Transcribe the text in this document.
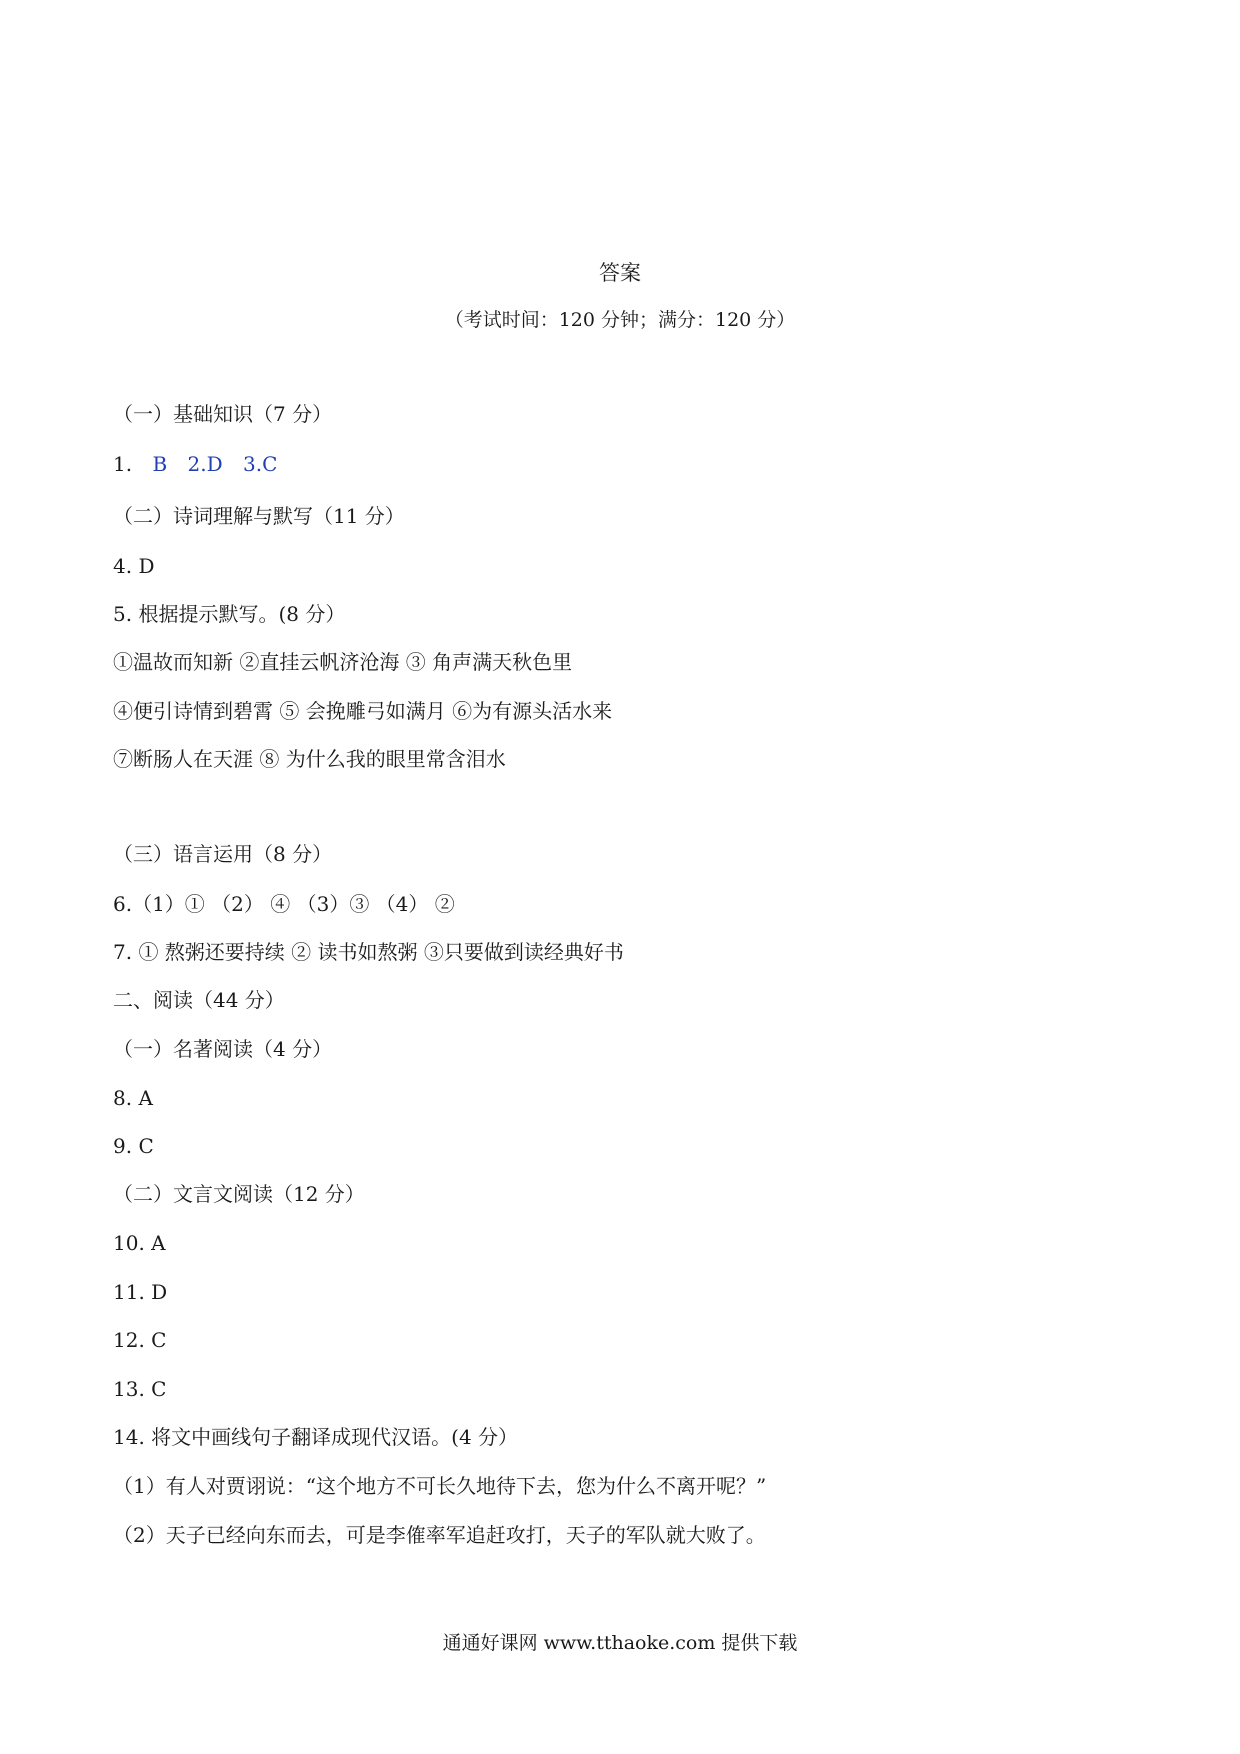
答案
（考试时间：120 分钟；满分：120 分）
（一）基础知识（7 分）
1. B 2.D 3.C
（二）诗词理解与默写（11 分）
4. D
5. 根据提示默写。(8 分）
①温故而知新 ②直挂云帆济沧海 ③ 角声满天秋色里
④便引诗情到碧霄 ⑤ 会挽雕弓如满月 ⑥为有源头活水来
⑦断肠人在天涯 ⑧ 为什么我的眼里常含泪水
（三）语言运用（8 分）
6.（1）① （2） ④ （3）③ （4） ②
7. ① 熬粥还要持续 ② 读书如熬粥 ③只要做到读经典好书
二、阅读（44 分）
（一）名著阅读（4 分）
8. A
9. C
（二）文言文阅读（12 分）
10. A
11. D
12. C
13. C
14. 将文中画线句子翻译成现代汉语。(4 分）
（1）有人对贾诩说：“这个地方不可长久地待下去，您为什么不离开呢？”
（2）天子已经向东而去，可是李傕率军追赶攻打，天子的军队就大败了。
通通好课网 www.tthaoke.com 提供下载
